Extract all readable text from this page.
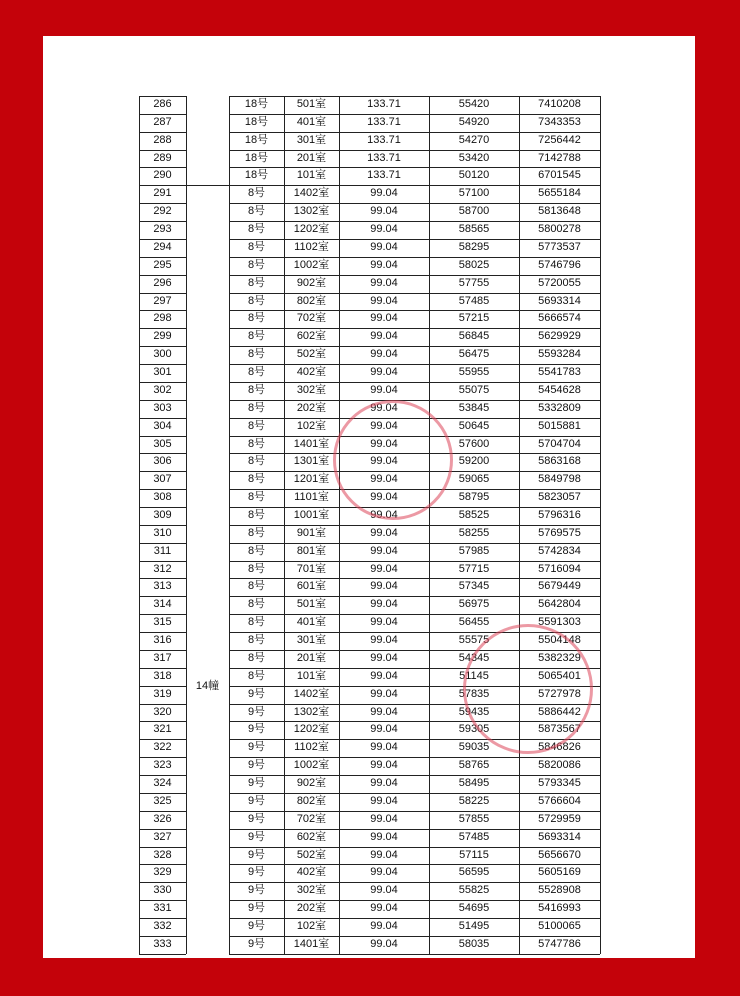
286	18号	501室	133.71	55420	7410208
287	18号	401室	133.71	54920	7343353
288	18号	301室	133.71	54270	7256442
289	18号	201室	133.71	53420	7142788
290	18号	101室	133.71	50120	6701545
291	8号	1402室	99.04	57100	5655184
292	8号	1302室	99.04	58700	5813648
293	8号	1202室	99.04	58565	5800278
294	8号	1102室	99.04	58295	5773537
295	8号	1002室	99.04	58025	5746796
296	8号	902室	99.04	57755	5720055
297	8号	802室	99.04	57485	5693314
298	8号	702室	99.04	57215	5666574
299	8号	602室	99.04	56845	5629929
300	8号	502室	99.04	56475	5593284
301	8号	402室	99.04	55955	5541783
302	8号	302室	99.04	55075	5454628
303	8号	202室	99.04	53845	5332809
304	8号	102室	99.04	50645	5015881
305	8号	1401室	99.04	57600	5704704
306	8号	1301室	99.04	59200	5863168
307	8号	1201室	99.04	59065	5849798
308	8号	1101室	99.04	58795	5823057
309	8号	1001室	99.04	58525	5796316
310	8号	901室	99.04	58255	5769575
311	8号	801室	99.04	57985	5742834
312	8号	701室	99.04	57715	5716094
313	8号	601室	99.04	57345	5679449
314	8号	501室	99.04	56975	5642804
315	8号	401室	99.04	56455	5591303
316	8号	301室	99.04	55575	5504148
317	8号	201室	99.04	54345	5382329
318	8号	101室	99.04	51145	5065401
319	9号	1402室	99.04	57835	5727978
320	9号	1302室	99.04	59435	5886442
321	9号	1202室	99.04	59305	5873567
322	9号	1102室	99.04	59035	5846826
323	9号	1002室	99.04	58765	5820086
324	9号	902室	99.04	58495	5793345
325	9号	802室	99.04	58225	5766604
326	9号	702室	99.04	57855	5729959
327	9号	602室	99.04	57485	5693314
328	9号	502室	99.04	57115	5656670
329	9号	402室	99.04	56595	5605169
330	9号	302室	99.04	55825	5528908
331	9号	202室	99.04	54695	5416993
332	9号	102室	99.04	51495	5100065
333	9号	1401室	99.04	58035	5747786
14幢
